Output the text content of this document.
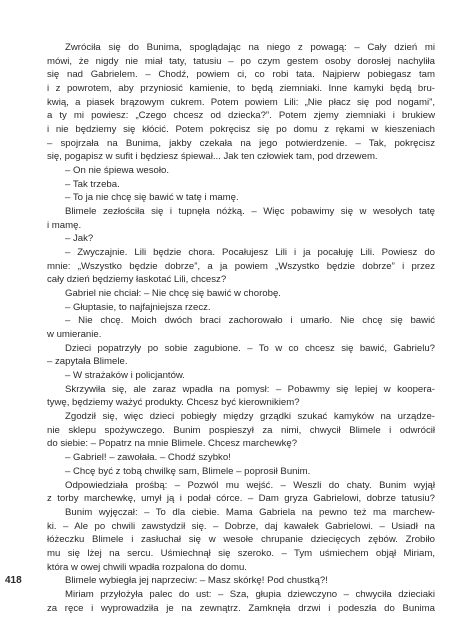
Zwróciła się do Bunima, spoglądając na niego z powagą: – Cały dzień mi
mówi, że nigdy nie miał taty, tatusiu – po czym gestem osoby dorosłej nachyliła
się nad Gabrielem. – Chodź, powiem ci, co robi tata. Najpierw pobiegasz tam
i z powrotem, aby przyniosić kamienie, to będą ziemniaki. Inne kamyki będą bru-
kwią, a piasek brązowym cukrem. Potem powiem Lili: „Nie płacz się pod nogami”,
a ty mi powiesz: „Czego chcesz od dziecka?”. Potem zjemy ziemniaki i brukiew
i nie będziemy się kłócić. Potem pokręcisz się po domu z rękami w kieszeniach
– spojrzała na Bunima, jakby czekała na jego potwierdzenie. – Tak, pokręcisz
się, pogapisz w sufit i będziesz śpiewał... Jak ten człowiek tam, pod drzewem.
– On nie śpiewa wesoło.
– Tak trzeba.
– To ja nie chcę się bawić w tatę i mamę.
Blimele zezłościła się i tupnęła nóżką. – Więc pobawimy się w wesołych tatę
i mamę.
– Jak?
– Zwyczajnie. Lili będzie chora. Pocałujesz Lili i ja pocałuję Lili. Powiesz do
mnie: „Wszystko będzie dobrze”, a ja powiem „Wszystko będzie dobrze” i przez
cały dzień będziemy łaskotać Lili, chcesz?
Gabriel nie chciał: – Nie chcę się bawić w chorobę.
– Głuptasie, to najfajniejsza rzecz.
– Nie chcę. Moich dwóch braci zachorowało i umarło. Nie chcę się bawić
w umieranie.
Dzieci popatrzyły po sobie zagubione. – To w co chcesz się bawić, Gabrielu?
– zapytała Blimele.
– W strażaków i policjantów.
Skrzywiła się, ale zaraz wpadła na pomysł: – Pobawmy się lepiej w koopera-
tywę, będziemy ważyć produkty. Chcesz być kierownikiem?
Zgodził się, więc dzieci pobiegły między grządki szukać kamyków na urządze-
nie sklepu spożywczego. Bunim pospieszył za nimi, chwycił Blimele i odwrócił
do siebie: – Popatrz na mnie Blimele. Chcesz marchewkę?
– Gabriel! – zawołała. – Chodź szybko!
– Chcę być z tobą chwilkę sam, Blimele – poprosił Bunim.
Odpowiedziała prośbą: – Pozwól mu wejść. – Weszli do chaty. Bunim wyjął
z torby marchewkę, umył ją i podał córce. – Dam gryza Gabrielowi, dobrze tatusiu?
Bunim wyjęczał: – To dla ciebie. Mama Gabriela na pewno też ma marchew-
ki. – Ale po chwili zawstydził się. – Dobrze, daj kawałek Gabrielowi. – Usiadł na
łóżeczku Blimele i zasłuchał się w wesołe chrupanie dziecięcych zębów. Zrobiło
mu się lżej na sercu. Uśmiechnął się szeroko. – Tym uśmiechem objął Miriam,
która w owej chwili wpadła rozpalona do domu.
Blimele wybiegła jej naprzeciw: – Masz skórkę! Pod chustką?!
Miriam przyłożyła palec do ust: – Sza, głupia dziewczyno – chwyciła dzieciaki
za ręce i wyprowadziła je na zewnątrz. Zamknęła drzwi i podeszła do Bunima
418
